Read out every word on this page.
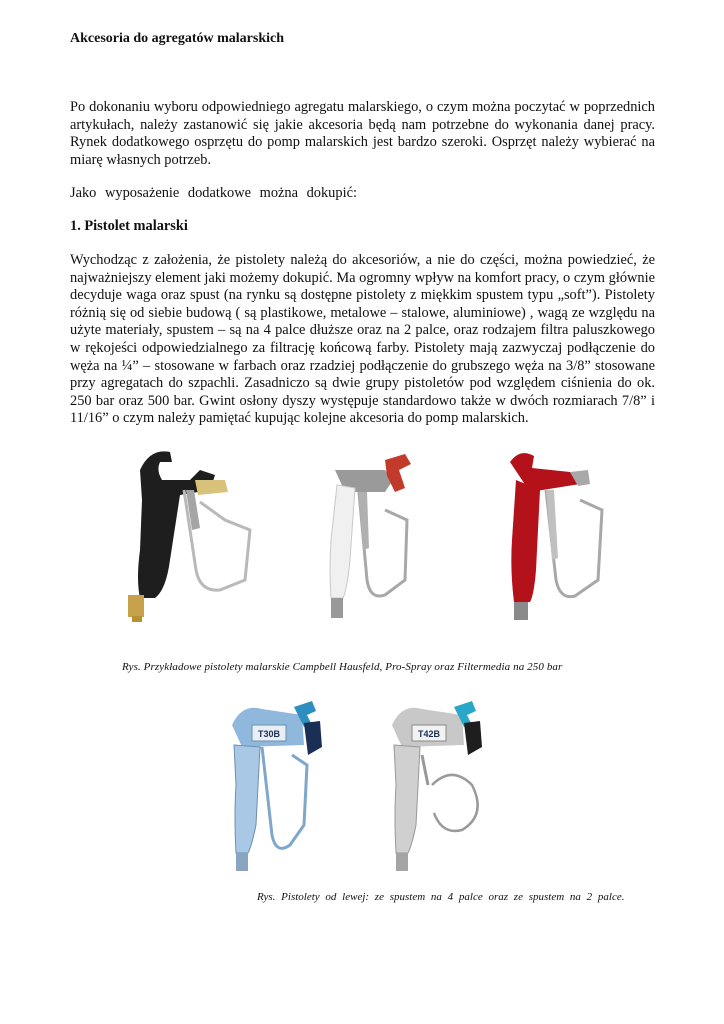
Akcesoria do agregatów malarskich

Po dokonaniu wyboru odpowiedniego agregatu malarskiego, o czym można poczytać w poprzednich artykułach, należy zastanowić się jakie akcesoria będą nam potrzebne do wykonania danej pracy. Rynek dodatkowego osprzętu do pomp malarskich jest bardzo szeroki. Osprzęt należy wybierać na miarę własnych potrzeb.

Jako wyposażenie dodatkowe można dokupić:

1. Pistolet malarski

Wychodząc z założenia, że pistolety należą do akcesoriów, a nie do części, można powiedzieć, że najważniejszy element jaki możemy dokupić. Ma ogromny wpływ na komfort pracy, o czym głównie decyduje waga oraz spust (na rynku są dostępne pistolety z miękkim spustem typu „soft”). Pistolety różnią się od siebie budową ( są plastikowe, metalowe – stalowe, aluminiowe) , wagą ze względu na użyte materiały, spustem – są na 4 palce dłuższe oraz na 2 palce, oraz rodzajem filtra paluszkowego w rękojeści odpowiedzialnego za filtrację końcową farby. Pistolety mają zazwyczaj podłączenie do węża na ¼” – stosowane w farbach oraz rzadziej podłączenie do grubszego węża na 3/8” stosowane przy agregatach do szpachli. Zasadniczo są dwie grupy pistoletów pod względem ciśnienia do ok. 250 bar oraz 500 bar. Gwint osłony dyszy występuje standardowo także w dwóch rozmiarach 7/8” i 11/16” o czym należy pamiętać kupując kolejne akcesoria do pomp malarskich.

Rys. Przykładowe pistolety malarskie Campbell Hausfeld, Pro-Spray oraz Filtermedia na 250 bar

T30B	T42B

Rys. Pistolety od lewej: ze spustem na 4 palce oraz ze spustem na 2 palce.
